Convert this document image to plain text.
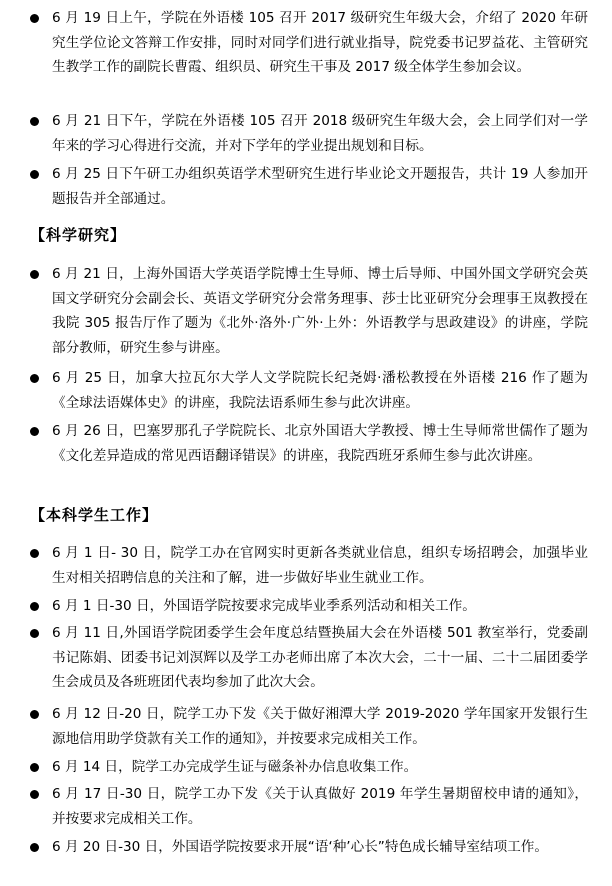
6 月 19 日上午，学院在外语楼 105 召开 2017 级研究生年级大会，介绍了 2020 年研究生学位论文答辩工作安排，同时对同学们进行就业指导，院党委书记罗益花、主管研究生教学工作的副院长曹霞、组织员、研究生干事及 2017 级全体学生参加会议。
6 月 21 日下午，学院在外语楼 105 召开 2018 级研究生年级大会，会上同学们对一学年来的学习心得进行交流，并对下学年的学业提出规划和目标。
6 月 25 日下午研工办组织英语学术型研究生进行毕业论文开题报告，共计 19 人参加开题报告并全部通过。
【科学研究】
6 月 21 日，上海外国语大学英语学院博士生导师、博士后导师、中国外国文学研究会英国文学研究分会副会长、英语文学研究分会常务理事、莎士比亚研究分会理事王岚教授在我院 305 报告厅作了题为《北外·洛外·广外·上外：外语教学与思政建设》的讲座，学院部分教师，研究生参与讲座。
6 月 25 日，加拿大拉瓦尔大学人文学院院长纪尧姆·潘松教授在外语楼 216 作了题为《全球法语媒体史》的讲座，我院法语系师生参与此次讲座。
6 月 26 日，巴塞罗那孔子学院院长、北京外国语大学教授、博士生导师常世儒作了题为《文化差异造成的常见西语翻译错误》的讲座，我院西班牙系师生参与此次讲座。
【本科学生工作】
6 月 1 日- 30 日，院学工办在官网实时更新各类就业信息，组织专场招聘会，加强毕业生对相关招聘信息的关注和了解，进一步做好毕业生就业工作。
6 月 1 日-30 日，外国语学院按要求完成毕业季系列活动和相关工作。
6 月 11 日,外国语学院团委学生会年度总结暨换届大会在外语楼 501 教室举行，党委副书记陈娟、团委书记刘溟辉以及学工办老师出席了本次大会，二十一届、二十二届团委学生会成员及各班班团代表均参加了此次大会。
6 月 12 日-20 日，院学工办下发《关于做好湘潭大学 2019-2020 学年国家开发银行生源地信用助学贷款有关工作的通知》，并按要求完成相关工作。
6 月 14 日，院学工办完成学生证与磁条补办信息收集工作。
6 月 17 日-30 日，院学工办下发《关于认真做好 2019 年学生暑期留校申请的通知》，并按要求完成相关工作。
6 月 20 日-30 日，外国语学院按要求开展“语‘种’心长”特色成长辅导室结项工作。
